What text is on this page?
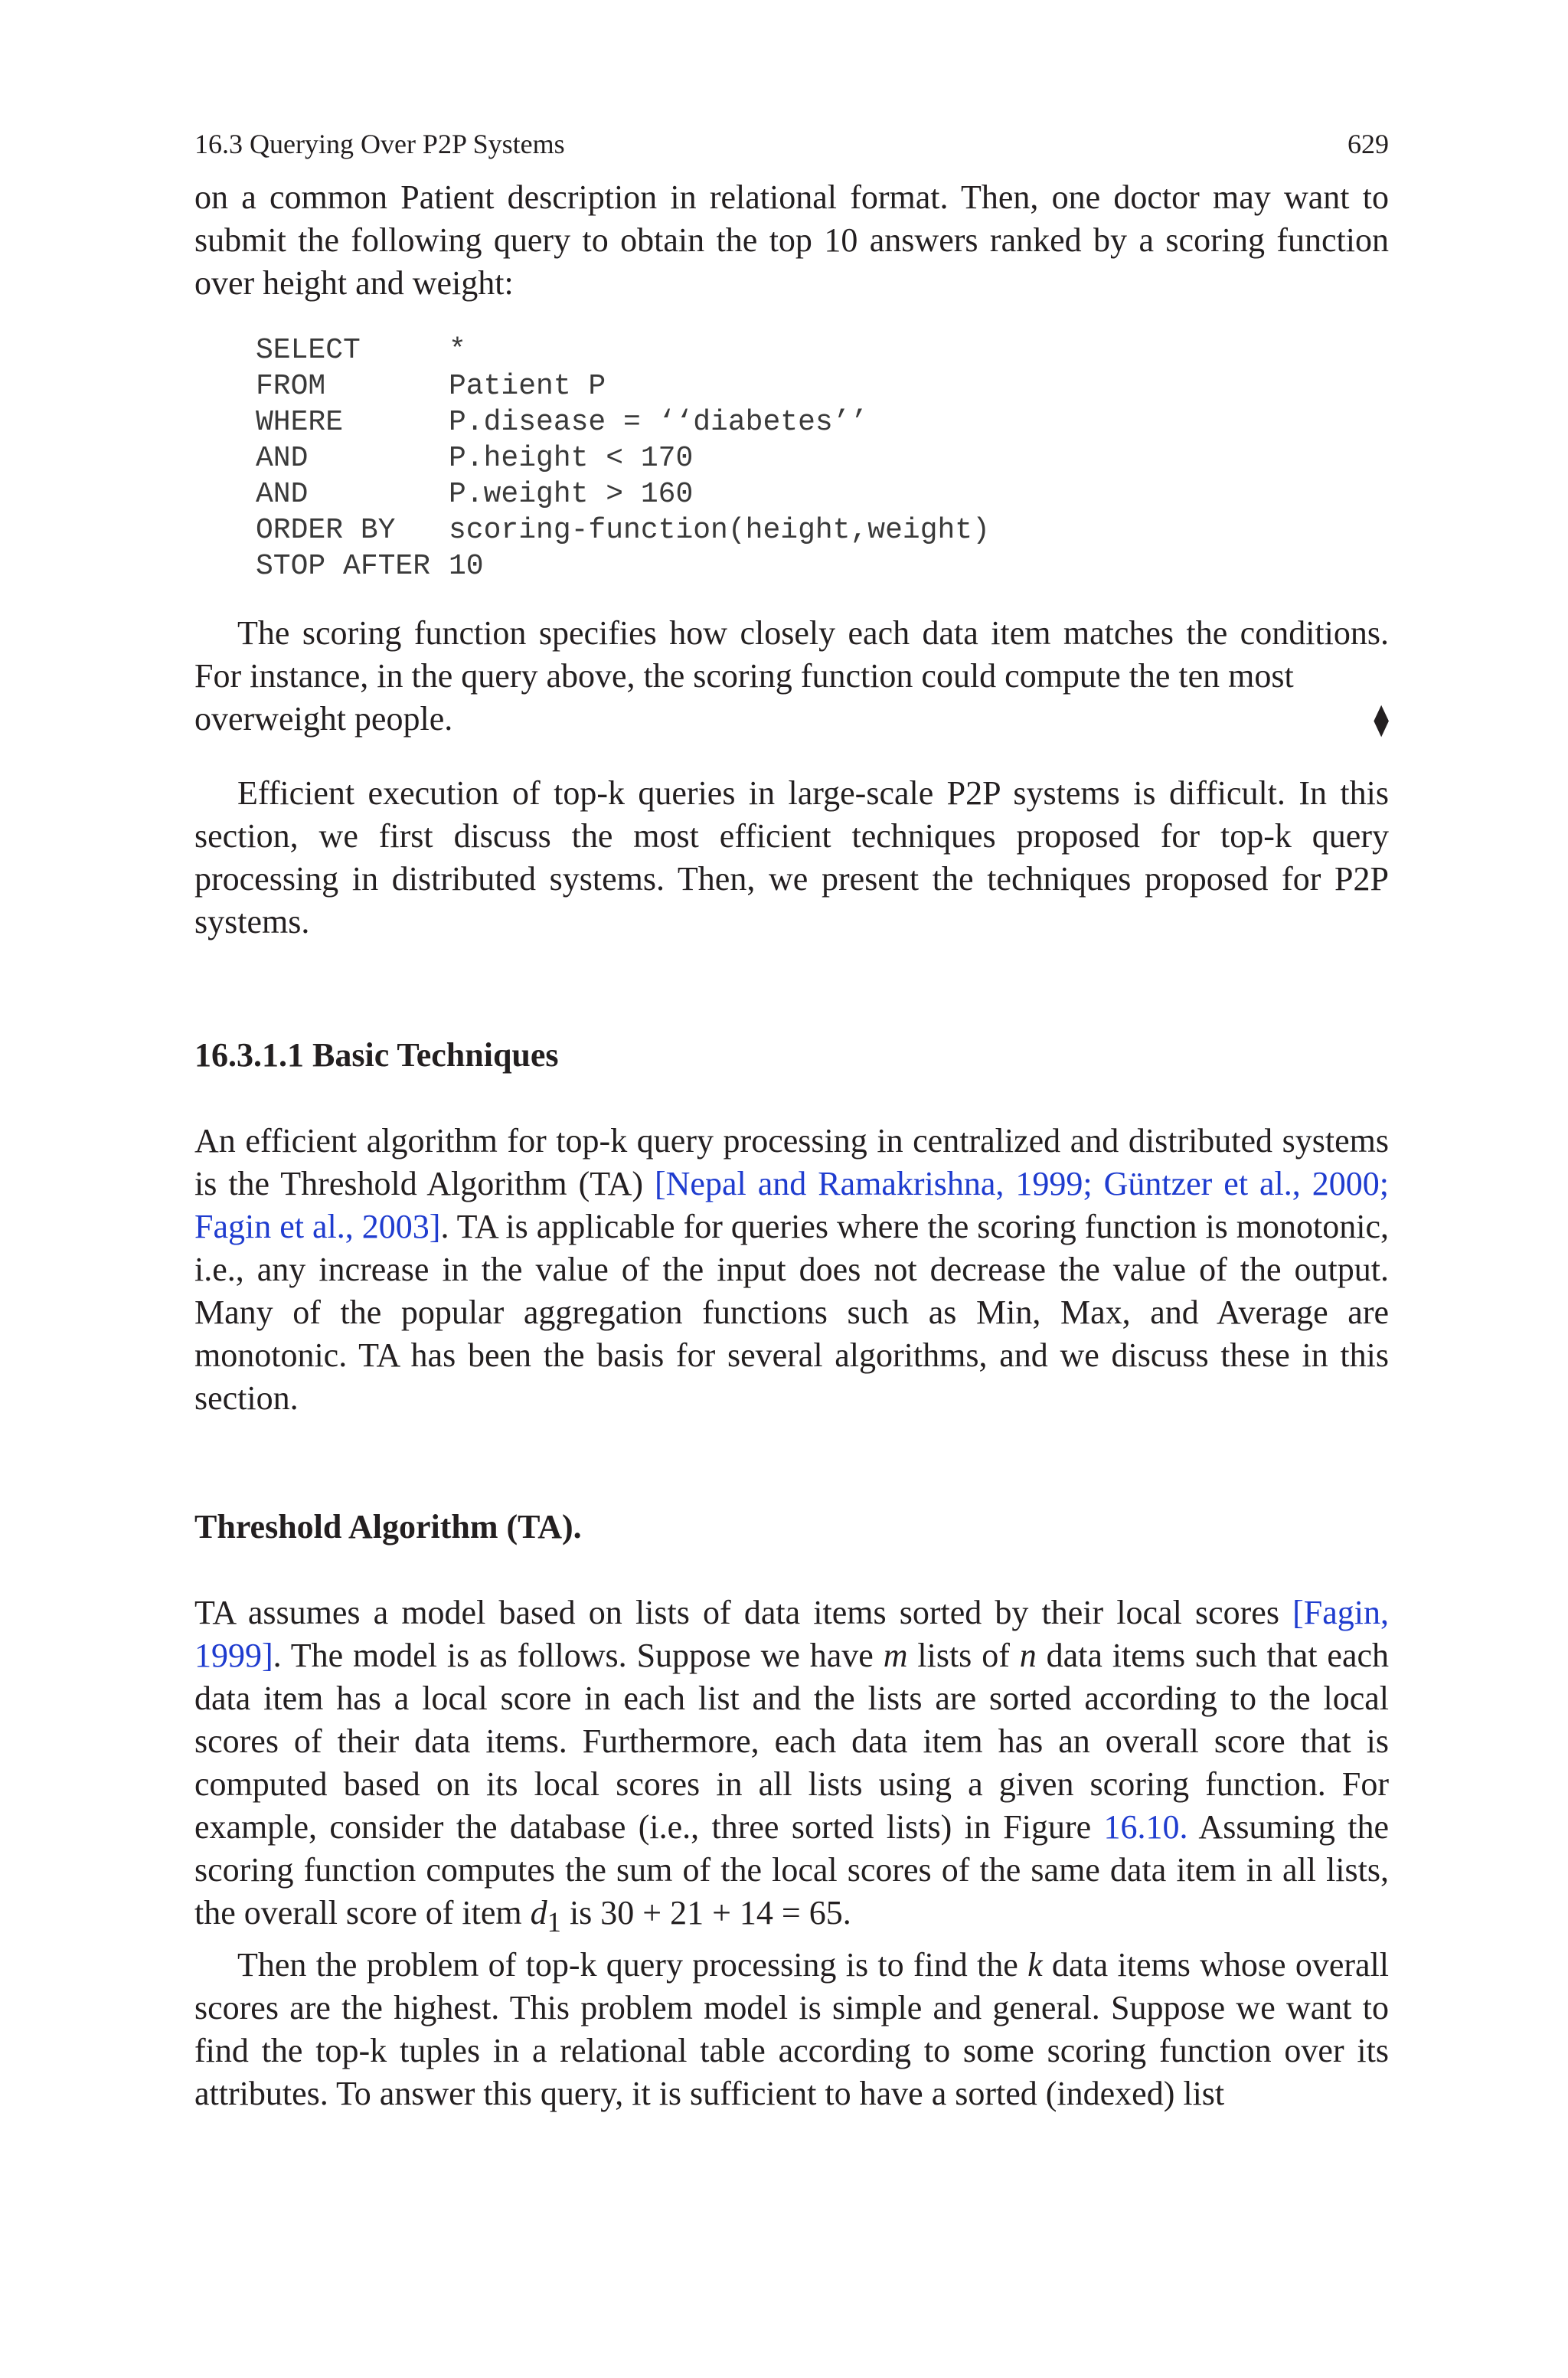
16.3 Querying Over P2P Systems	629

on a common Patient description in relational format. Then, one doctor may want to submit the following query to obtain the top 10 answers ranked by a scoring function over height and weight:

SELECT	*
FROM	Patient P
WHERE	P.disease = ‘‘diabetes’’
AND	P.height < 170
AND	P.weight > 160
ORDER BY	scoring-function(height,weight)
STOP AFTER 10

The scoring function specifies how closely each data item matches the conditions. For instance, in the query above, the scoring function could compute the ten most

overweight people.	⧫

Efficient execution of top-k queries in large-scale P2P systems is difficult. In this section, we first discuss the most efficient techniques proposed for top-k query processing in distributed systems. Then, we present the techniques proposed for P2P systems.

16.3.1.1 Basic Techniques

An efficient algorithm for top-k query processing in centralized and distributed systems is the Threshold Algorithm (TA) [Nepal and Ramakrishna, 1999; Güntzer et al., 2000; Fagin et al., 2003]. TA is applicable for queries where the scoring function is monotonic, i.e., any increase in the value of the input does not decrease the value of the output. Many of the popular aggregation functions such as Min, Max, and Average are monotonic. TA has been the basis for several algorithms, and we discuss these in this section.

Threshold Algorithm (TA).

TA assumes a model based on lists of data items sorted by their local scores [Fagin, 1999]. The model is as follows. Suppose we have m lists of n data items such that each data item has a local score in each list and the lists are sorted according to the local scores of their data items. Furthermore, each data item has an overall score that is computed based on its local scores in all lists using a given scoring function. For example, consider the database (i.e., three sorted lists) in Figure 16.10. Assuming the scoring function computes the sum of the local scores of the same data item in all lists, the overall score of item $d_1$ is 30 + 21 + 14 = 65.

Then the problem of top-k query processing is to find the k data items whose overall scores are the highest. This problem model is simple and general. Suppose we want to find the top-k tuples in a relational table according to some scoring function over its attributes. To answer this query, it is sufficient to have a sorted (indexed) list
